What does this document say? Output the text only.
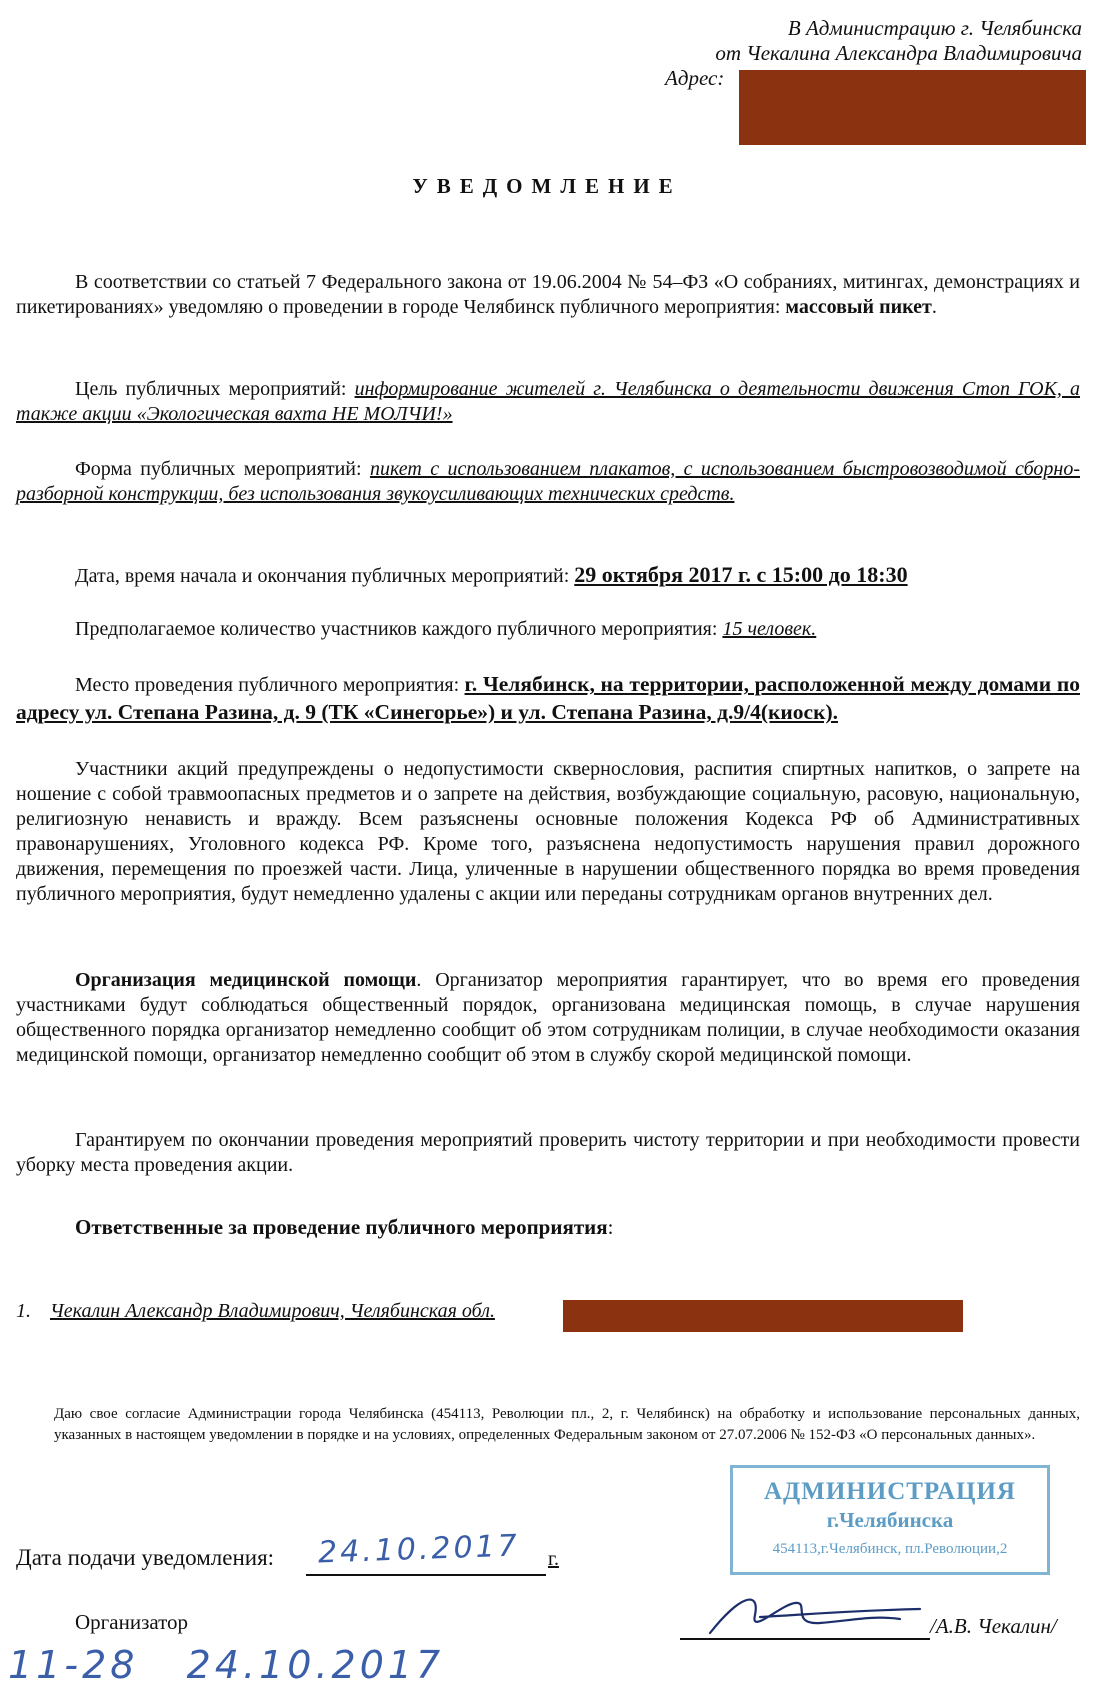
В Администрацию г. Челябинска
от Чекалина Александра Владимировича
Адрес:
УВЕДОМЛЕНИЕ
В соответствии со статьей 7 Федерального закона от 19.06.2004 № 54–ФЗ «О собраниях, митингах, демонстрациях и пикетированиях» уведомляю о проведении в городе Челябинск публичного мероприятия: массовый пикет.
Цель публичных мероприятий: информирование жителей г. Челябинска о деятельности движения Стоп ГОК, а также акции «Экологическая вахта НЕ МОЛЧИ!»
Форма публичных мероприятий: пикет с использованием плакатов, с использованием быстровозводимой сборно-разборной конструкции, без использования звукоусиливающих технических средств.
Дата, время начала и окончания публичных мероприятий: 29 октября 2017 г. с 15:00 до 18:30
Предполагаемое количество участников каждого публичного мероприятия: 15 человек.
Место проведения публичного мероприятия: г. Челябинск, на территории, расположенной между домами по адресу ул. Степана Разина, д. 9 (ТК «Синегорье») и ул. Степана Разина, д.9/4(киоск).
Участники акций предупреждены о недопустимости сквернословия, распития спиртных напитков, о запрете на ношение с собой травмоопасных предметов и о запрете на действия, возбуждающие социальную, расовую, национальную, религиозную ненависть и вражду. Всем разъяснены основные положения Кодекса РФ об Административных правонарушениях, Уголовного кодекса РФ. Кроме того, разъяснена недопустимость нарушения правил дорожного движения, перемещения по проезжей части. Лица, уличенные в нарушении общественного порядка во время проведения публичного мероприятия, будут немедленно удалены с акции или переданы сотрудникам органов внутренних дел.
Организация медицинской помощи. Организатор мероприятия гарантирует, что во время его проведения участниками будут соблюдаться общественный порядок, организована медицинская помощь, в случае нарушения общественного порядка организатор немедленно сообщит об этом сотрудникам полиции, в случае необходимости оказания медицинской помощи, организатор немедленно сообщит об этом в службу скорой медицинской помощи.
Гарантируем по окончании проведения мероприятий проверить чистоту территории и при необходимости провести уборку места проведения акции.
Ответственные за проведение публичного мероприятия:
1. Чекалин Александр Владимирович, Челябинская обл.
Даю свое согласие Администрации города Челябинска (454113, Революции пл., 2, г. Челябинск) на обработку и использование персональных данных, указанных в настоящем уведомлении в порядке и на условиях, определенных Федеральным законом от 27.07.2006 № 152-ФЗ «О персональных данных».
АДМИНИСТРАЦИЯ
г.Челябинска
454113,г.Челябинск, пл.Революции,2
Дата подачи уведомления: 24.10.2017 г.
Организатор	/А.В. Чекалин/
11-28   24.10.2017
